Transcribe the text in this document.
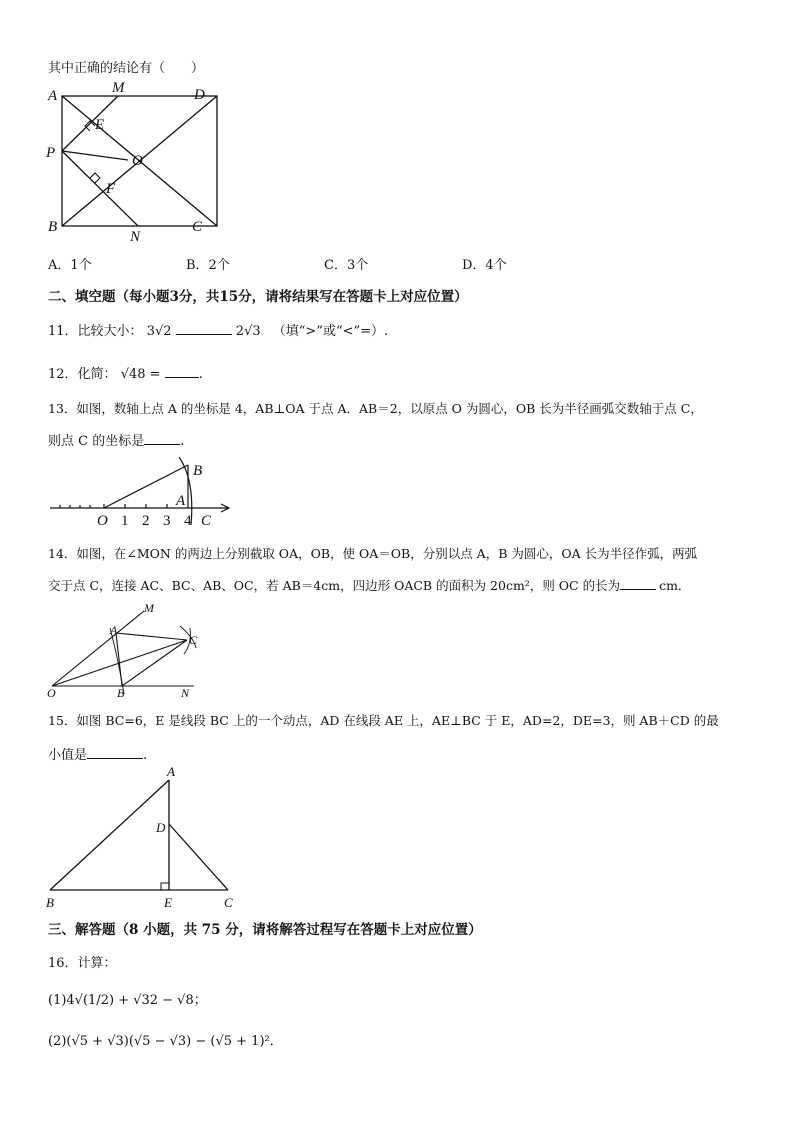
其中正确的结论有（　　）
A	M	D
E
P	O
F
B
N
C
A．1个	B．2个	C．3个	D．4个
二、填空题（每小题3分，共15分，请将结果写在答题卡上对应位置）
11．比较大小： 3√2	2√3 （填“>”或“<”=）.
12．化简： √48 =	.
13．如图，数轴上点 A 的坐标是 4，AB⊥OA 于点 A．AB＝2，以原点 O 为圆心，OB 长为半径画弧交数轴于点 C，
则点 C 的坐标是	.
O 1 2 3 4
A
B
C
14．如图，在∠MON 的两边上分别截取 OA，OB，使 OA＝OB，分别以点 A，B 为圆心，OA 长为半径作弧，两弧
交于点 C，连接 AC、BC、AB、OC，若 AB＝4cm，四边形 OACB 的面积为 20cm²，则 OC 的长为	cm．
M
A
C
O	B	N
15．如图 BC=6，E 是线段 BC 上的一个动点，AD 在线段 AE 上，AE⊥BC 于 E，AD=2，DE=3，则 AB＋CD 的最
小值是	.
A
D
B	E	C
三、解答题（8 小题，共 75 分，请将解答过程写在答题卡上对应位置）
16．计算：
(1)4√(1/2) + √32 − √8；
(2)(√5 + √3)(√5 − √3) − (√5 + 1)²．
